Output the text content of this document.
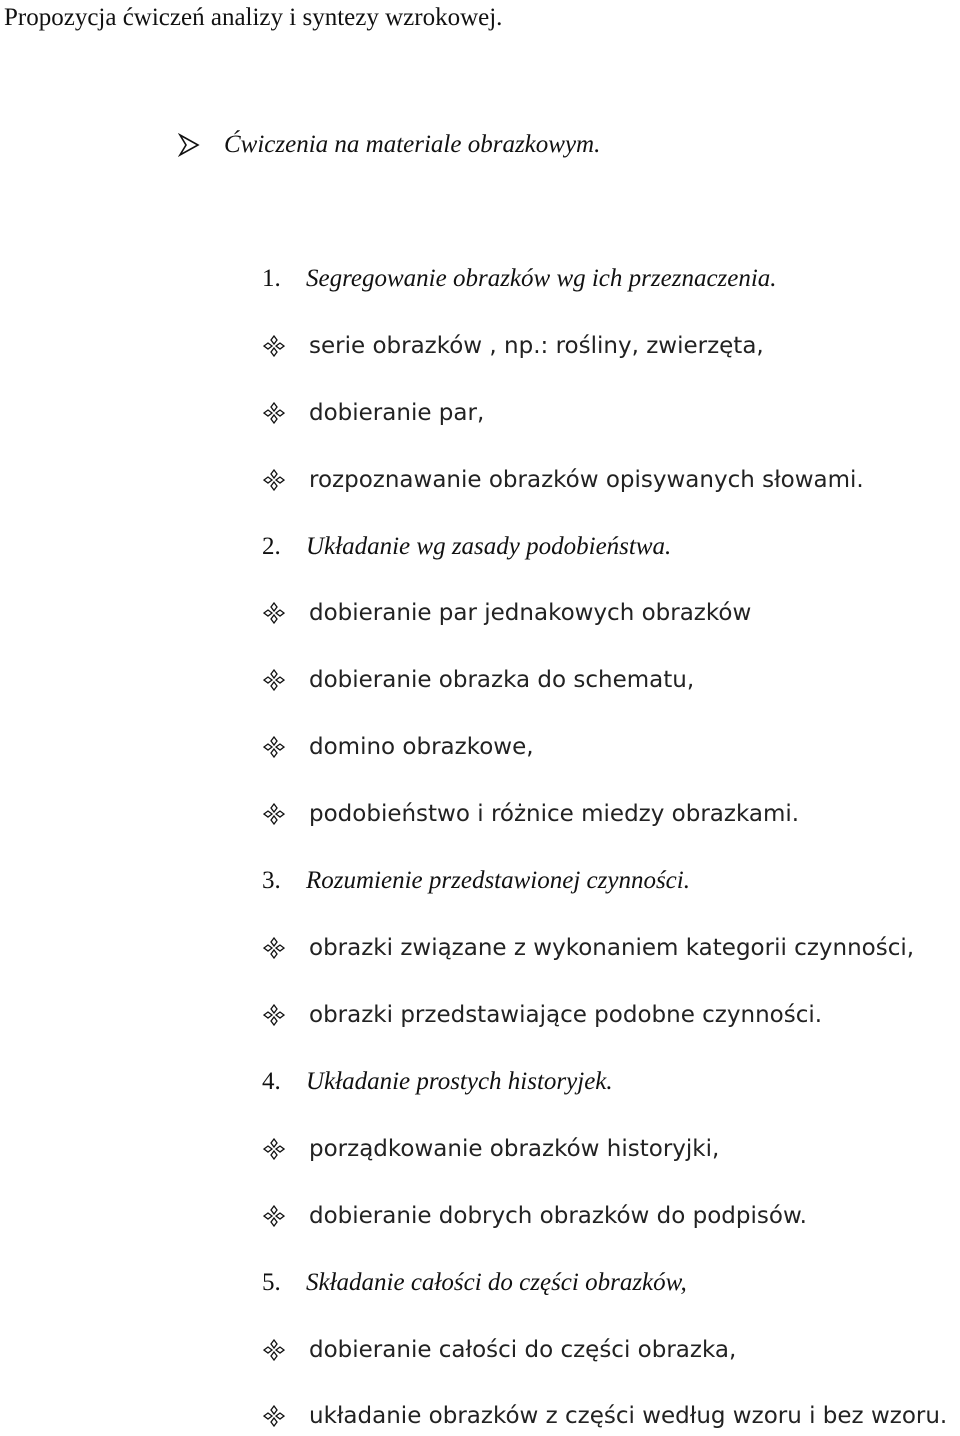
Propozycja ćwiczeń analizy i syntezy wzrokowej.
Ćwiczenia na materiale obrazkowym.
1. Segregowanie obrazków wg ich przeznaczenia.
serie obrazków , np.: rośliny, zwierzęta,
dobieranie par,
rozpoznawanie obrazków opisywanych słowami.
2. Układanie wg zasady podobieństwa.
dobieranie par jednakowych obrazków
dobieranie obrazka do schematu,
domino obrazkowe,
podobieństwo i różnice miedzy obrazkami.
3. Rozumienie przedstawionej czynności.
obrazki związane z wykonaniem kategorii czynności,
obrazki przedstawiające podobne czynności.
4. Układanie prostych historyjek.
porządkowanie obrazków historyjki,
dobieranie dobrych obrazków do podpisów.
5. Składanie całości do części obrazków,
dobieranie całości do części obrazka,
układanie obrazków z części według wzoru i bez wzoru.
